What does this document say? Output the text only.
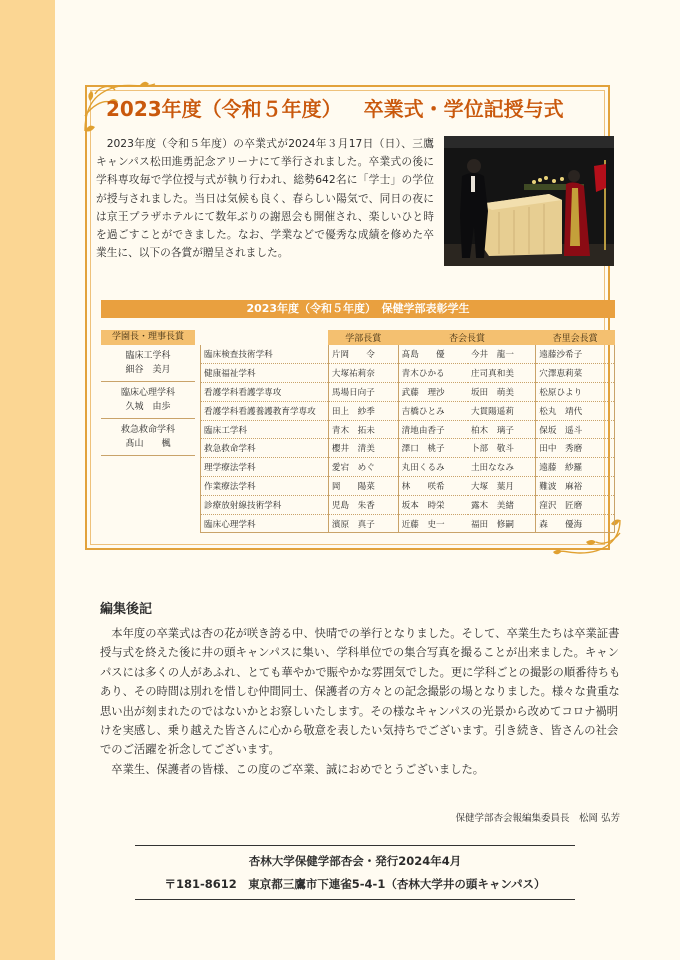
2023年度（令和５年度） 卒業式・学位記授与式

2023年度（令和５年度）の卒業式が2024年３月17日（日）、三鷹キャンパス松田進勇記念アリーナにて挙行されました。卒業式の後に学科専攻毎で学位授与式が執り行われ、総勢642名に「学士」の学位が授与されました。当日は気候も良く、春らしい陽気で、同日の夜には京王プラザホテルにて数年ぶりの謝恩会も開催され、楽しいひと時を過ごすことができました。なお、学業などで優秀な成績を修めた卒業生に、以下の各賞が贈呈されました。

2023年度（令和５年度）　保健学部表彰学生
学園長・理事長賞
臨床工学科
細谷　美月
臨床心理学科
久城　由歩
救急救命学科
髙山　　楓
	学部長賞	杏会長賞		杏里会長賞
臨床検査技術学科	片岡　　令	髙島　　優	今井　龍一	遠藤沙希子
健康福祉学科	大塚祐莉奈	青木ひかる	庄司真和美	穴澤恵莉菜
看護学科看護学専攻	馬場日向子	武藤　理沙	坂田　萌美	松原ひより
看護学科看護養護教育学専攻	田上　紗季	吉橋ひとみ	大貫陽遥莉	松丸　靖代
臨床工学科	青木　拓未	清地由香子	柏木　璃子	保坂　遥斗
救急救命学科	櫻井　清美	澤口　桃子	卜部　敬斗	田中　秀磨
理学療法学科	愛宕　めぐ	丸田くるみ	土田ななみ	遠藤　紗羅
作業療法学科	岡　　陽菜	林　　咲希	大塚　葉月	難波　麻裕
診療放射線技術学科	児島　朱香	坂本　時栄	露木　美緒	窪沢　匠磨
臨床心理学科	濱原　真子	近藤　史一	福田　修嗣	森　　優海
編集後記

本年度の卒業式は杏の花が咲き誇る中、快晴での挙行となりました。そして、卒業生たちは卒業証書授与式を終えた後に井の頭キャンパスに集い、学科単位での集合写真を撮ることが出来ました。キャンパスには多くの人があふれ、とても華やかで賑やかな雰囲気でした。更に学科ごとの撮影の順番待ちもあり、その時間は別れを惜しむ仲間同士、保護者の方々との記念撮影の場となりました。様々な貴重な思い出が刻まれたのではないかとお察しいたします。その様なキャンパスの光景から改めてコロナ禍明けを実感し、乗り越えた皆さんに心から敬意を表したい気持ちでございます。引き続き、皆さんの社会でのご活躍を祈念してございます。

卒業生、保護者の皆様、この度のご卒業、誠におめでとうございました。

保健学部杏会報編集委員長　松岡 弘芳
杏林大学保健学部杏会・発行2024年4月
〒181-8612　東京都三鷹市下連雀5-4-1（杏林大学井の頭キャンパス）
